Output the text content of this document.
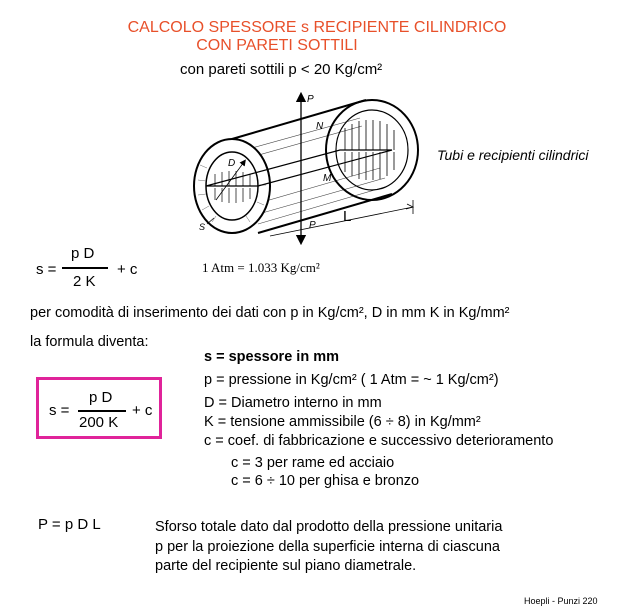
CALCOLO SPESSORE s RECIPIENTE CILINDRICO
CON PARETI SOTTILI
con pareti sottili p < 20 Kg/cm²
P
P
N
M
D
S
L
Tubi e recipienti cilindrici
s =
p D
2 K
+ c	1 Atm = 1.033 Kg/cm²
per comodità di inserimento dei dati con p in Kg/cm², D in mm K in Kg/mm²
la formula diventa:
s =
p D
200 K
+ c
s = spessore in mm
p = pressione in Kg/cm² ( 1 Atm = ~ 1 Kg/cm²)
D = Diametro interno in mm
K = tensione ammissibile (6 ÷ 8) in Kg/mm²
c = coef. di fabbricazione e successivo deterioramento
c = 3 per rame ed acciaio
c = 6 ÷ 10 per ghisa e bronzo
P = p D L	Sforso totale dato dal prodotto della pressione unitaria
p per la proiezione della superficie interna di ciascuna
parte del recipiente sul piano diametrale.
Hoepli - Punzi 220
